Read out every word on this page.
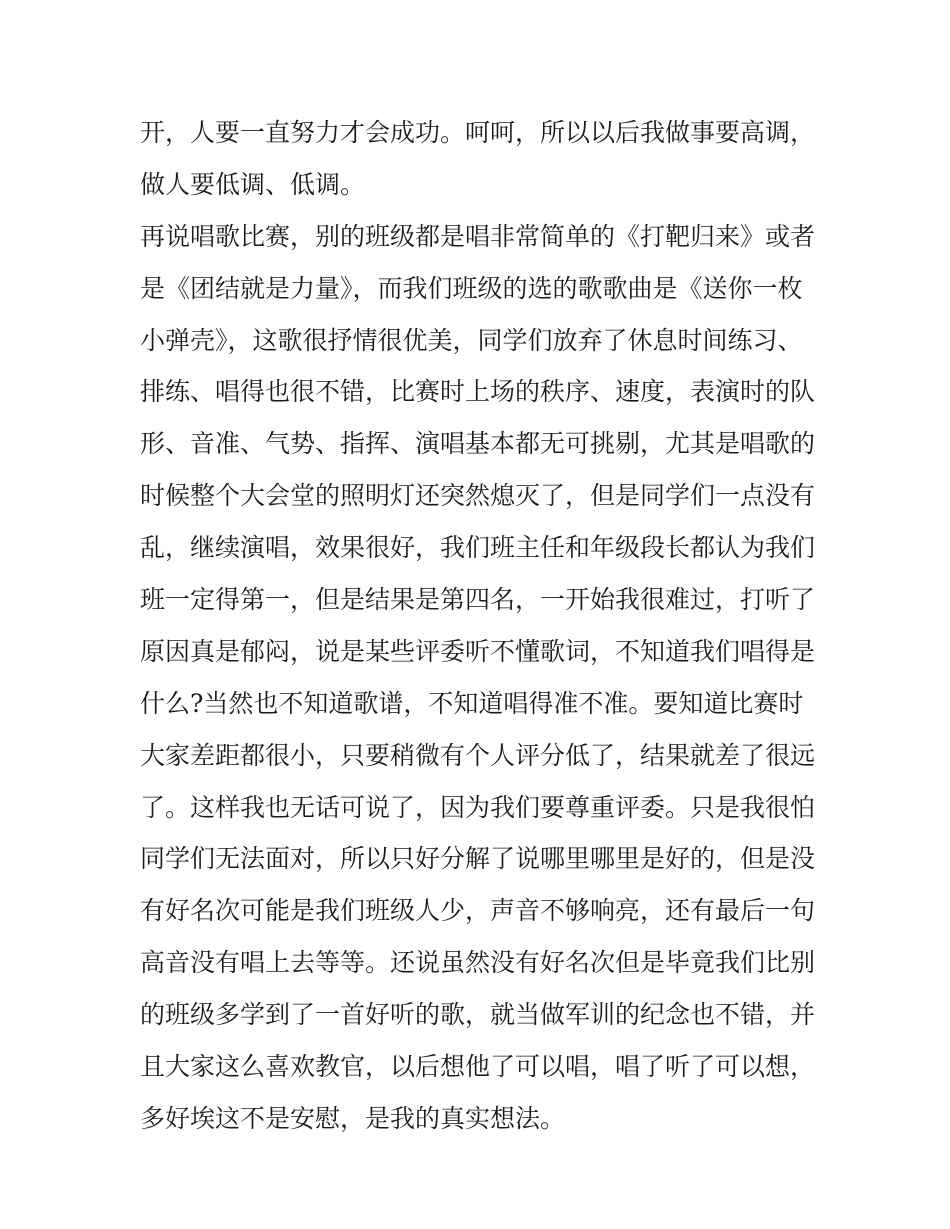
开，人要一直努力才会成功。呵呵，所以以后我做事要高调，
做人要低调、低调。
再说唱歌比赛，别的班级都是唱非常简单的《打靶归来》或者
是《团结就是力量》，而我们班级的选的歌歌曲是《送你一枚
小弹壳》，这歌很抒情很优美，同学们放弃了休息时间练习、
排练、唱得也很不错，比赛时上场的秩序、速度，表演时的队
形、音准、气势、指挥、演唱基本都无可挑剔，尤其是唱歌的
时候整个大会堂的照明灯还突然熄灭了，但是同学们一点没有
乱，继续演唱，效果很好，我们班主任和年级段长都认为我们
班一定得第一，但是结果是第四名，一开始我很难过，打听了
原因真是郁闷，说是某些评委听不懂歌词，不知道我们唱得是
什么?当然也不知道歌谱，不知道唱得准不准。要知道比赛时
大家差距都很小，只要稍微有个人评分低了，结果就差了很远
了。这样我也无话可说了，因为我们要尊重评委。只是我很怕
同学们无法面对，所以只好分解了说哪里哪里是好的，但是没
有好名次可能是我们班级人少，声音不够响亮，还有最后一句
高音没有唱上去等等。还说虽然没有好名次但是毕竟我们比别
的班级多学到了一首好听的歌，就当做军训的纪念也不错，并
且大家这么喜欢教官，以后想他了可以唱，唱了听了可以想，
多好埃这不是安慰，是我的真实想法。
